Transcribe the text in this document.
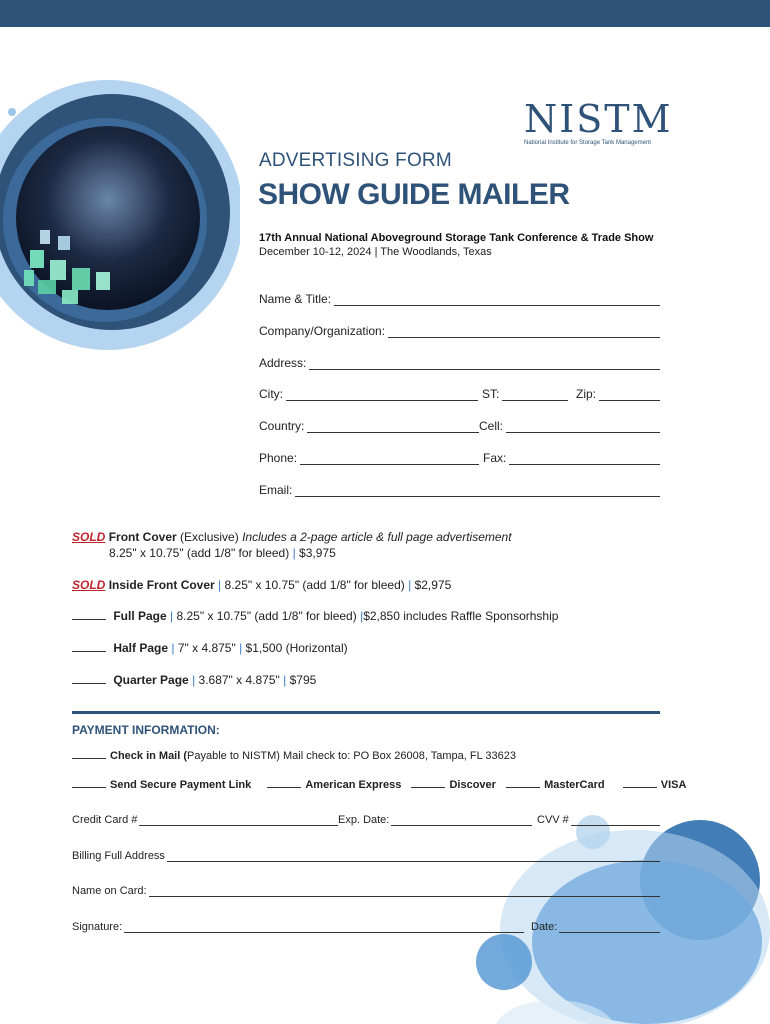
NISTM
National Institute for Storage Tank Management
ADVERTISING FORM
SHOW GUIDE MAILER
17th Annual National Aboveground Storage Tank Conference & Trade Show
December 10-12, 2024 | The Woodlands, Texas
Name & Title:
Company/Organization:
Address:
City:	ST:	Zip:
Country:	Cell:
Phone:	Fax:
Email:
SOLD Front Cover (Exclusive) Includes a 2-page article & full page advertisement
8.25" x 10.75" (add 1/8" for bleed) | $3,975
SOLD Inside Front Cover | 8.25" x 10.75" (add 1/8" for bleed) | $2,975
Full Page | 8.25" x 10.75" (add 1/8" for bleed) |$2,850 includes Raffle Sponsorhship
Half Page | 7" x 4.875" | $1,500 (Horizontal)
Quarter Page | 3.687" x 4.875" | $795
PAYMENT INFORMATION:
Check in Mail (Payable to NISTM) Mail check to: PO Box 26008, Tampa, FL 33623
Send Secure Payment Link	American Express	Discover	MasterCard	VISA
Credit Card #	Exp. Date:	CVV #
Billing Full Address
Name on Card:
Signature:	Date:
